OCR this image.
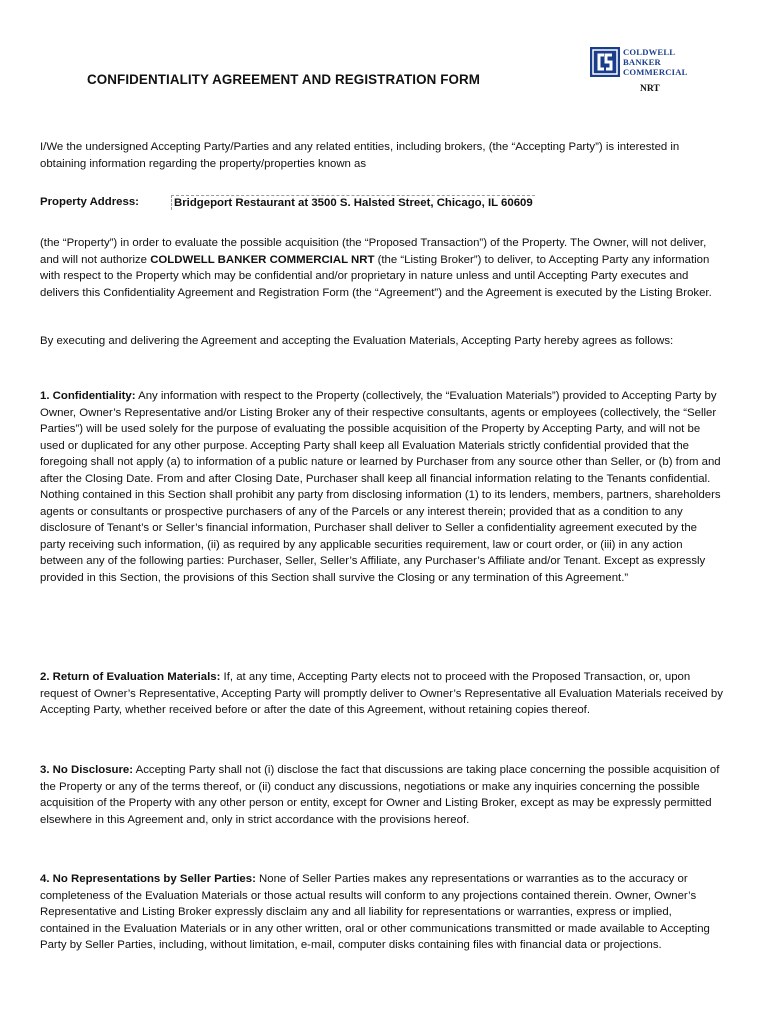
CONFIDENTIALITY AGREEMENT AND REGISTRATION FORM
COLDWELL
BANKER
COMMERCIAL
NRT
I/We the undersigned Accepting Party/Parties and any related entities, including brokers, (the “Accepting Party”) is interested in obtaining information regarding the property/properties known as
Property Address:	Bridgeport Restaurant at 3500 S. Halsted Street, Chicago, IL 60609
(the “Property”) in order to evaluate the possible acquisition (the “Proposed Transaction”) of the Property. The Owner, will not deliver, and will not authorize COLDWELL BANKER COMMERCIAL NRT (the “Listing Broker”) to deliver, to Accepting Party any information with respect to the Property which may be confidential and/or proprietary in nature unless and until Accepting Party executes and delivers this Confidentiality Agreement and Registration Form (the “Agreement”) and the Agreement is executed by the Listing Broker.
By executing and delivering the Agreement and accepting the Evaluation Materials, Accepting Party hereby agrees as follows:
1. Confidentiality: Any information with respect to the Property (collectively, the “Evaluation Materials”) provided to Accepting Party by Owner, Owner’s Representative and/or Listing Broker any of their respective consultants, agents or employees (collectively, the “Seller Parties”) will be used solely for the purpose of evaluating the possible acquisition of the Property by Accepting Party, and will not be used or duplicated for any other purpose. Accepting Party shall keep all Evaluation Materials strictly confidential provided that the foregoing shall not apply (a) to information of a public nature or learned by Purchaser from any source other than Seller, or (b) from and after the Closing Date. From and after Closing Date, Purchaser shall keep all financial information relating to the Tenants confidential. Nothing contained in this Section shall prohibit any party from disclosing information (1) to its lenders, members, partners, shareholders agents or consultants or prospective purchasers of any of the Parcels or any interest therein; provided that as a condition to any disclosure of Tenant’s or Seller’s financial information, Purchaser shall deliver to Seller a confidentiality agreement executed by the party receiving such information, (ii) as required by any applicable securities requirement, law or court order, or (iii) in any action between any of the following parties: Purchaser, Seller, Seller’s Affiliate, any Purchaser’s Affiliate and/or Tenant. Except as expressly provided in this Section, the provisions of this Section shall survive the Closing or any termination of this Agreement.”
2. Return of Evaluation Materials: If, at any time, Accepting Party elects not to proceed with the Proposed Transaction, or, upon request of Owner’s Representative, Accepting Party will promptly deliver to Owner’s Representative all Evaluation Materials received by Accepting Party, whether received before or after the date of this Agreement, without retaining copies thereof.
3. No Disclosure: Accepting Party shall not (i) disclose the fact that discussions are taking place concerning the possible acquisition of the Property or any of the terms thereof, or (ii) conduct any discussions, negotiations or make any inquiries concerning the possible acquisition of the Property with any other person or entity, except for Owner and Listing Broker, except as may be expressly permitted elsewhere in this Agreement and, only in strict accordance with the provisions hereof.
4. No Representations by Seller Parties: None of Seller Parties makes any representations or warranties as to the accuracy or completeness of the Evaluation Materials or those actual results will conform to any projections contained therein. Owner, Owner’s Representative and Listing Broker expressly disclaim any and all liability for representations or warranties, express or implied, contained in the Evaluation Materials or in any other written, oral or other communications transmitted or made available to Accepting Party by Seller Parties, including, without limitation, e-mail, computer disks containing files with financial data or projections.
